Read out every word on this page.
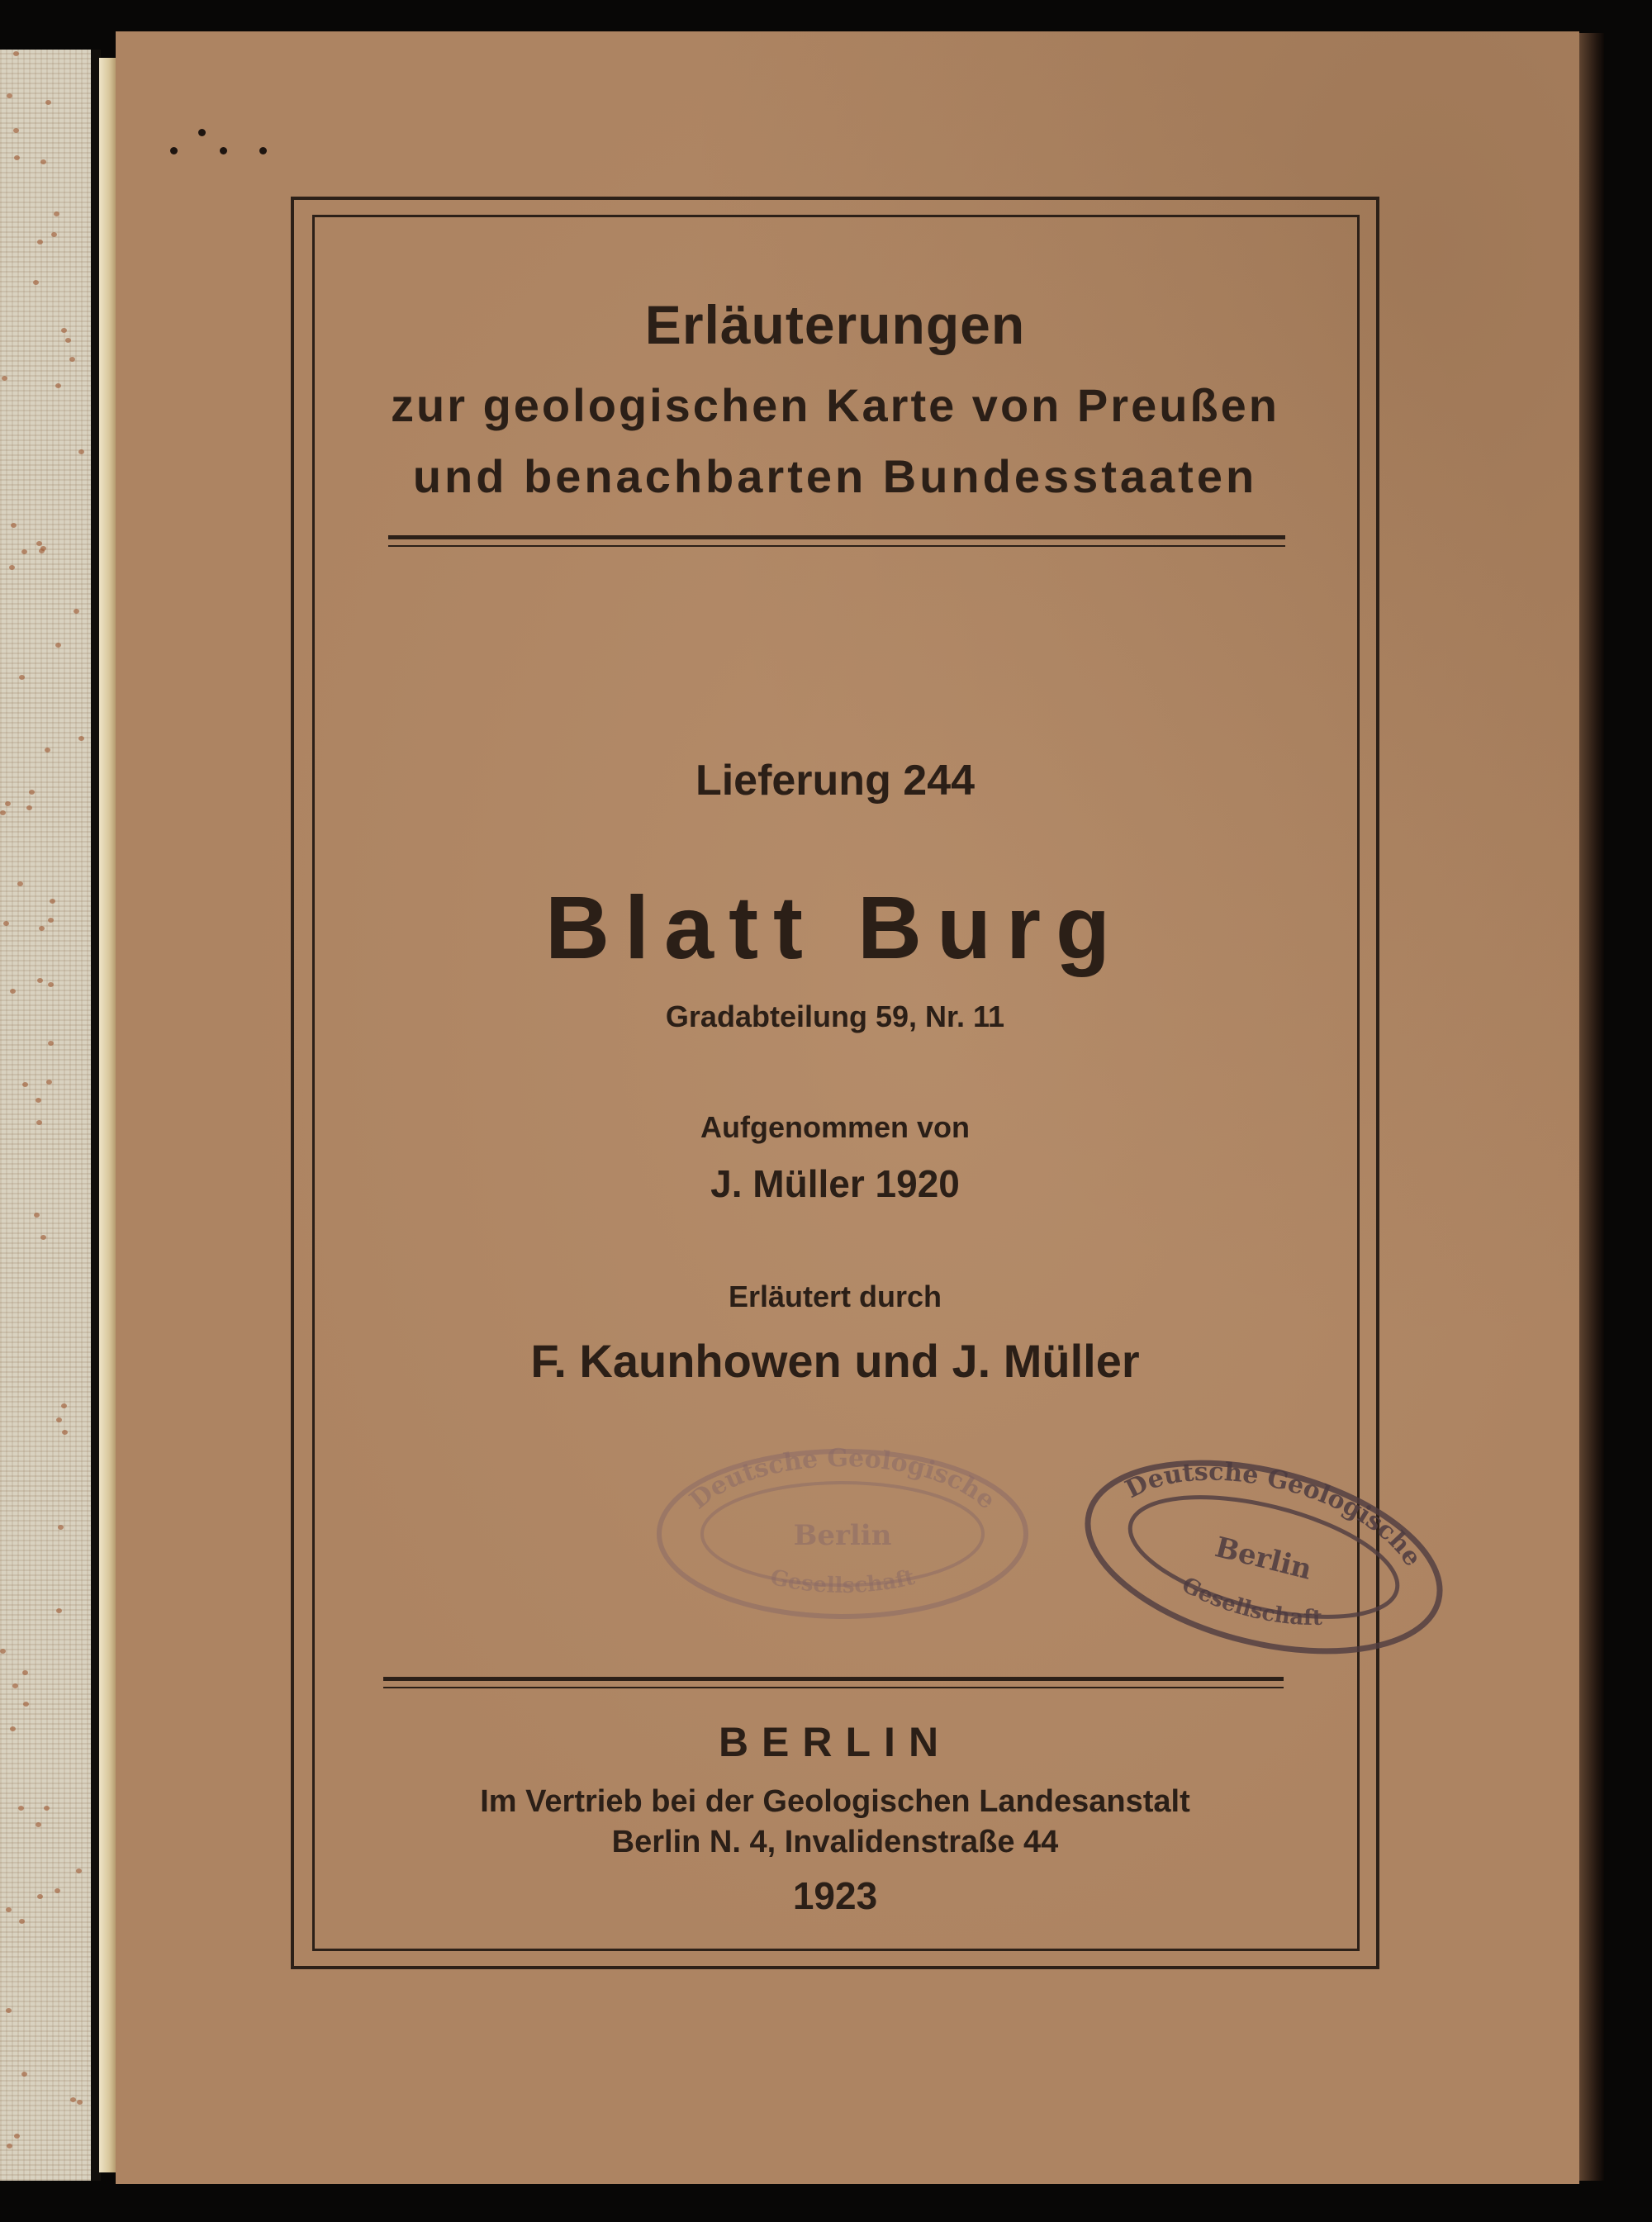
Erläuterungen
zur geologischen Karte von Preußen
und benachbarten Bundesstaaten
Lieferung 244
Blatt Burg
Gradabteilung 59, Nr. 11
Aufgenommen von
J. Müller 1920
Erläutert durch
F. Kaunhowen und J. Müller
Deutsche Geologische
Berlin
Gesellschaft
Deutsche Geologische
Berlin
Gesellschaft
BERLIN
Im Vertrieb bei der Geologischen Landesanstalt
Berlin N. 4, Invalidenstraße 44
1923
